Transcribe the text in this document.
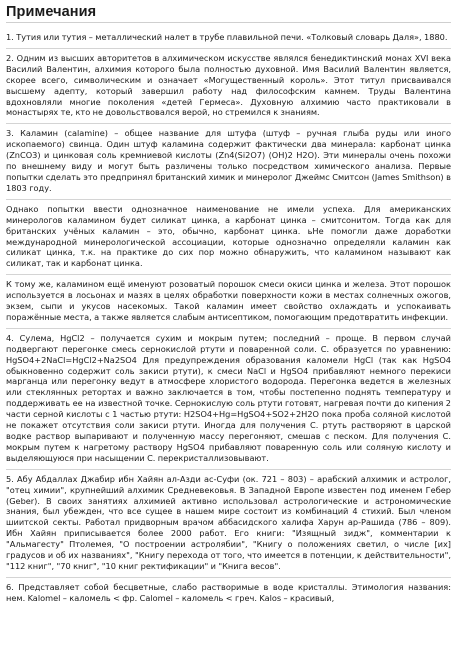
Примечания

1. Тутия или тутия – металлический налет в трубе плавильной печи. «Толковый словарь Даля», 1880.

2. Одним из высших авторитетов в алхимическом искусстве являлся бенедиктинский монах XVI века Василий Валентин, алхимия которого была полностью духовной. Имя Василий Валентин является, скорее всего, символическим и означает «Могущественный король». Этот титул присваивался высшему адепту, который завершил работу над философским камнем. Труды Валентина вдохновляли многие поколения «детей Гермеса». Духовную алхимию часто практиковали в монастырях те, кто не довольствовался верой, но стремился к знаниям.

3. Каламин (calamine) – общее название для штуфа (штуф – ручная глыба руды или иного ископаемого) свинца. Один штуф каламина содержит фактически два минерала: карбонат цинка (ZnCO3) и цинковая соль кремниевой кислоты (Zn4(Si2O7) (OH)2 H2O). Эти минералы очень похожи по внешнему виду и могут быть различены только посредством химического анализа. Первые попытки сделать это предпринял британский химик и минеролог Джеймс Смитсон (James Smithson) в 1803 году.

Однако попытки ввести однозначное наименование не имели успеха. Для американских минерологов каламином будет силикат цинка, а карбонат цинка – смитсонитом. Тогда как для британских учёных каламин – это, обычно, карбонат цинка. ьНе помогли даже доработки международной минерологической ассоциации, которые однозначно определяли каламин как силикат цинка, т.к. на практике до сих пор можно обнаружить, что каламином называют как силикат, так и карбонат цинка.

К тому же, каламином ещё именуют розоватый порошок смеси окиси цинка и железа. Этот порошок используется в лосьонах и мазях в целях обработки поверхности кожи в местах солнечных ожогов, экзем, сыпи и укусов насекомых. Такой каламин имеет свойство охлаждать и успокаивать поражённые места, а также является слабым антисептиком, помогающим предотвратить инфекции.

4. Сулема, HgCl2 – получается сухим и мокрым путем; последний – проще. В первом случай подвергают перегонке смесь сернокислой ртути и поваренной соли. С. образуется по уравнению: HgSO4+2NaCl=HgCl2+Na2SO4 Для предупреждения образования каломели HgCl (так как HgSO4 обыкновенно содержит соль закиси ртути), к смеси NaCl и HgSO4 прибавляют немного перекиси марганца или перегонку ведут в атмосфере хлористого водорода. Перегонка ведется в железных или стеклянных ретортах и важно заключается в том, чтобы постепенно поднять температуру и поддерживать ее на известной точке. Сернокислую соль ртути готовят, нагревая почти до кипения 2 части серной кислоты с 1 частью ртути: H2SO4+Hg=HgSO4+SO2+2H2O пока проба соляной кислотой не покажет отсутствия соли закиси ртути. Иногда для получения С. ртуть растворяют в царской водке раствор выпаривают и полученную массу перегоняют, смешав с песком. Для получения С. мокрым путем к нагретому раствору HgSO4 прибавляют поваренную соль или соляную кислоту и выделяющуюся при насыщении С. перекристаллизовывают.

5. Абу Абдаллах Джабир ибн Хайян ал-Азди ас-Суфи (ок. 721 – 803) – арабский алхимик и астролог, "отец химии", крупнейший алхимик Средневековья. В Западной Европе известен под именем Гебер (Geber). В своих занятиях алхимией активно использовал астрологические и астрономические знания, был убежден, что все сущее в нашем мире состоит из комбинаций 4 стихий. Был членом шиитской секты. Работал придворным врачом аббасидского халифа Харун ар-Рашида (786 – 809). Ибн Хайян приписывается более 2000 работ. Его книги: "Изящный зидж", комментарии к "Альмагесту" Птолемея, "О построении астролябии", "Книгу о положениях светил, о числе [их] градусов и об их названиях", "Книгу перехода от того, что имеется в потенции, к действительности", "112 книг", "70 книг", "10 книг ректификации" и "Книга весов".

6. Представляет собой бесцветные, слабо растворимые в воде кристаллы. Этимология названия: нем. Kalomel – каломель < фр. Calomel – каломель < греч. Kalos – красивый,
